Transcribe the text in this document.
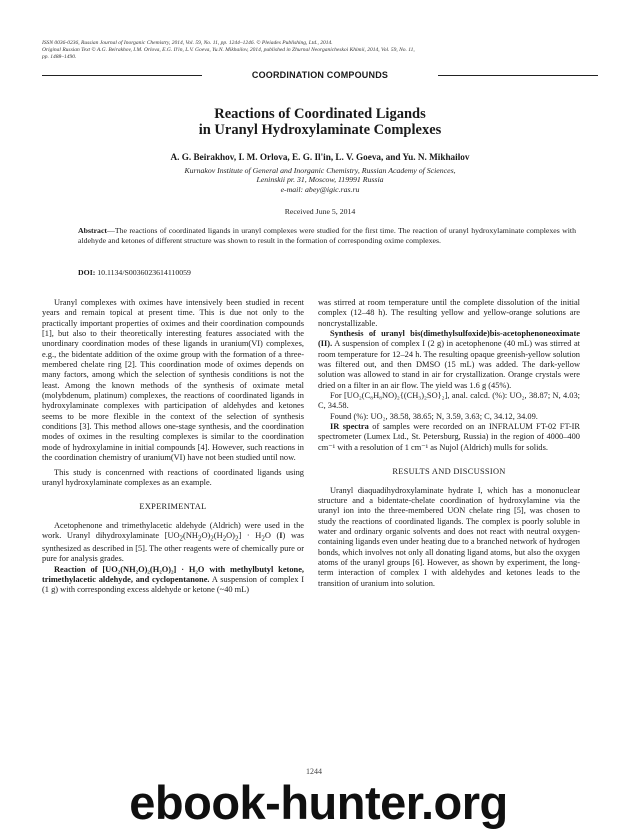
ISSN 0036-0236, Russian Journal of Inorganic Chemistry, 2014, Vol. 59, No. 11, pp. 1244–1246. © Pleiades Publishing, Ltd., 2014.
Original Russian Text © A.G. Beirakhov, I.M. Orlova, E.G. Il'in, L.V. Goeva, Yu.N. Mikhailov, 2014, published in Zhurnal Neorganicheskoi Khimii, 2014, Vol. 59, No. 11,
pp. 1488–1490.
COORDINATION COMPOUNDS
Reactions of Coordinated Ligands
in Uranyl Hydroxylaminate Complexes
A. G. Beirakhov, I. M. Orlova, E. G. Il'in, L. V. Goeva, and Yu. N. Mikhailov
Kurnakov Institute of General and Inorganic Chemistry, Russian Academy of Sciences,
Leninskii pr. 31, Moscow, 119991 Russia
e-mail: abey@igic.ras.ru
Received June 5, 2014
Abstract—The reactions of coordinated ligands in uranyl complexes were studied for the first time. The reaction of uranyl hydroxylaminate complexes with aldehyde and ketones of different structure was shown to result in the formation of corresponding oxime complexes.
DOI: 10.1134/S0036023614110059

Uranyl complexes with oximes have intensively been studied in recent years and remain topical at present time. This is due not only to the practically important properties of oximes and their coordination compounds [1], but also to their theoretically interesting features associated with the unordinary coordination modes of these ligands in uranium(VI) complexes, e.g., the bidentate addition of the oxime group with the formation of a three-membered chelate ring [2]. This coordination mode of oximes depends on many factors, among which the selection of synthesis conditions is not the least. Among the known methods of the synthesis of oximate metal (molybdenum, platinum) complexes, the reactions of coordinated ligands in hydroxylaminate complexes with participation of aldehydes and ketones seems to be more flexible in the context of the selection of synthesis conditions [3]. This method allows one-stage synthesis, and the coordination modes of oximes in the resulting complexes is similar to the coordination mode of hydroxylamine in initial compounds [4]. However, such reactions in the coordination chemistry of uranium(VI) have not been studied until now.

This study is concenrned with reactions of coordinated ligands using uranyl hydroxylaminate complexes as an example.

EXPERIMENTAL

Acetophenone and trimethylacetic aldehyde (Aldrich) were used in the work. Uranyl dihydroxylaminate $[UO_2(NH_2O)_2(H_2O)_2] \cdot H_2O$ (I) was synthesized as described in [5]. The other reagents were of chemically pure or pure for analysis grades.

Reaction of [UO₂(NH₂O)₂(H₂O)₂] · H₂O with methylbutyl ketone, trimethylacetic aldehyde, and cyclopentanone. A suspension of complex I (1 g) with corresponding excess aldehyde or ketone (~40 mL)

was stirred at room temperature until the complete dissolution of the initial complex (12–48 h). The resulting yellow and yellow-orange solutions are noncrystallizable.

Synthesis of uranyl bis(dimethylsulfoxide)bis-acetophenoneoximate (II). A suspension of complex I (2 g) in acetophenone (40 mL) was stirred at room temperature for 12–24 h. The resulting opaque greenish-yellow solution was filtered out, and then DMSO (15 mL) was added. The dark-yellow solution was allowed to stand in air for crystallization. Orange crystals were dried on a filter in an air flow. The yield was 1.6 g (45%).

For [UO₂(C₈H₈NO)₂{(CH₃)₂SO}₂], anal. calcd. (%): UO₂, 38.87; N, 4.03; C, 34.58.

Found (%): UO₂, 38.58, 38.65; N, 3.59, 3.63; C, 34.12, 34.09.

IR spectra of samples were recorded on an INFRALUM FT-02 FT-IR spectrometer (Lumex Ltd., St. Petersburg, Russia) in the region of 4000–400 cm⁻¹ with a resolution of 1 cm⁻¹ as Nujol (Aldrich) mulls for solids.

RESULTS AND DISCUSSION

Uranyl diaquadihydroxylaminate hydrate I, which has a mononuclear structure and a bidentate-chelate coordination of hydroxylamine via the uranyl ion into the three-membered UON chelate ring [5], was chosen to study the reactions of coordinated ligands. The complex is poorly soluble in water and ordinary organic solvents and does not react with neutral oxygen-containing ligands even under heating due to a branched network of hydrogen bonds, which involves not only all donating ligand atoms, but also the oxygen atoms of the uranyl groups [6]. However, as shown by experiment, the long-term interaction of complex I with aldehydes and ketones leads to the transition of uranium into solution.

1244
ebook-hunter.org
